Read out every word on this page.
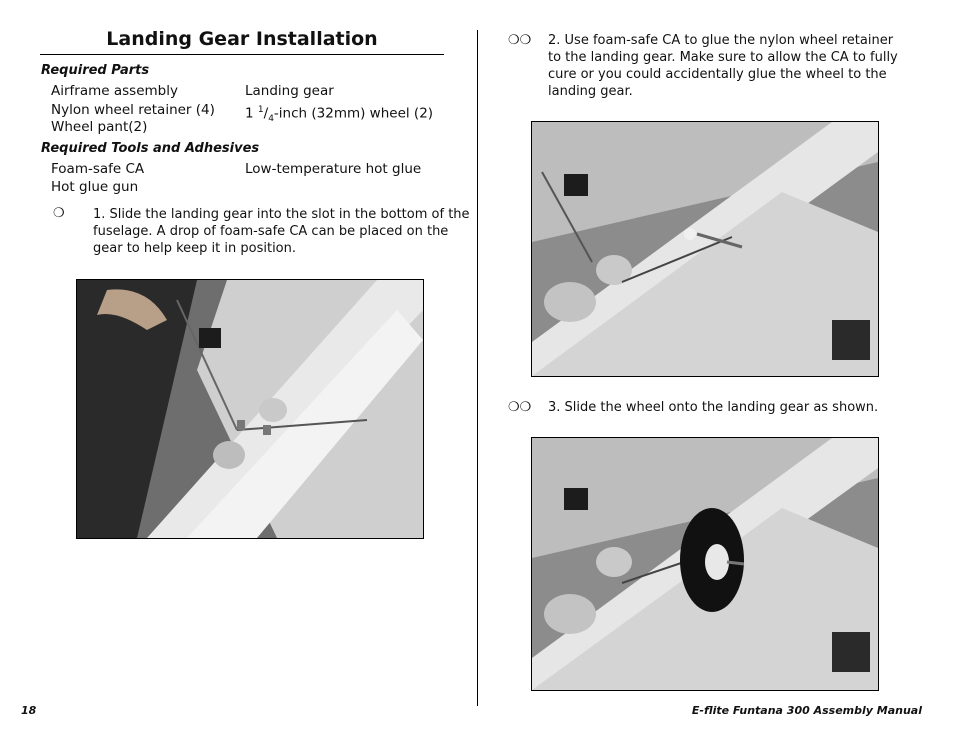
Landing Gear Installation
Required Parts
Airframe assembly
Nylon wheel retainer (4)
Wheel pant(2)
Landing gear
1 $^1/_4$-inch (32mm) wheel (2)
Required Tools and Adhesives
Foam-safe CA
Hot glue gun
Low-temperature hot glue
❍ 1. Slide the landing gear into the slot in the bottom of the
fuselage. A drop of foam-safe CA can be placed on the
gear to help keep it in position.
❍❍ 2. Use foam-safe CA to glue the nylon wheel retainer
to the landing gear. Make sure to allow the CA to fully
cure or you could accidentally glue the wheel to the
landing gear.
❍❍ 3. Slide the wheel onto the landing gear as shown.
18	E-flite Funtana 300 Assembly Manual
